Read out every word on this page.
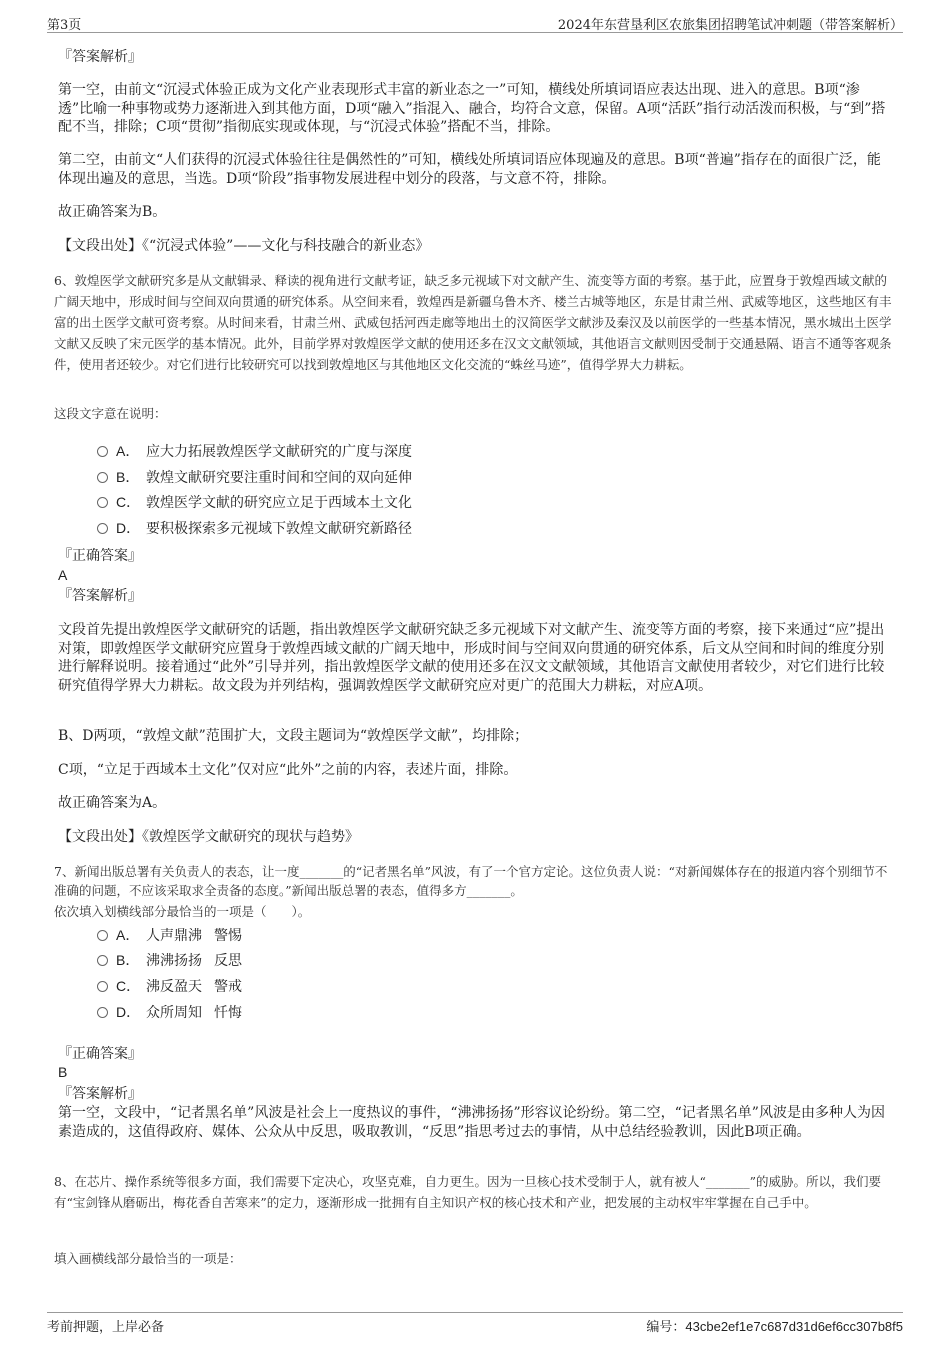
第3页	2024年东营垦利区农旅集团招聘笔试冲刺题（带答案解析）
『答案解析』
第一空，由前文“沉浸式体验正成为文化产业表现形式丰富的新业态之一”可知，横线处所填词语应表达出现、进入的意思。B项“渗透”比喻一种事物或势力逐渐进入到其他方面，D项“融入”指混入、融合，均符合文意，保留。A项“活跃”指行动活泼而积极，与“到”搭配不当，排除；C项“贯彻”指彻底实现或体现，与“沉浸式体验”搭配不当，排除。
第二空，由前文“人们获得的沉浸式体验往往是偶然性的”可知，横线处所填词语应体现遍及的意思。B项“普遍”指存在的面很广泛，能体现出遍及的意思，当选。D项“阶段”指事物发展进程中划分的段落，与文意不符，排除。
故正确答案为B。
【文段出处】《“沉浸式体验”——文化与科技融合的新业态》
6、敦煌医学文献研究多是从文献辑录、释读的视角进行文献考证，缺乏多元视域下对文献产生、流变等方面的考察。基于此，应置身于敦煌西域文献的广阔天地中，形成时间与空间双向贯通的研究体系。从空间来看，敦煌西是新疆乌鲁木齐、楼兰古城等地区，东是甘肃兰州、武威等地区，这些地区有丰富的出土医学文献可资考察。从时间来看，甘肃兰州、武威包括河西走廊等地出土的汉简医学文献涉及秦汉及以前医学的一些基本情况，黑水城出土医学文献又反映了宋元医学的基本情况。此外，目前学界对敦煌医学文献的使用还多在汉文文献领域，其他语言文献则因受制于交通悬隔、语言不通等客观条件，使用者还较少。对它们进行比较研究可以找到敦煌地区与其他地区文化交流的“蛛丝马迹”，值得学界大力耕耘。
这段文字意在说明：
A． 应大力拓展敦煌医学文献研究的广度与深度
B． 敦煌文献研究要注重时间和空间的双向延伸
C． 敦煌医学文献的研究应立足于西域本土文化
D． 要积极探索多元视域下敦煌文献研究新路径
『正确答案』
A
『答案解析』
文段首先提出敦煌医学文献研究的话题，指出敦煌医学文献研究缺乏多元视域下对文献产生、流变等方面的考察，接下来通过“应”提出对策，即敦煌医学文献研究应置身于敦煌西域文献的广阔天地中，形成时间与空间双向贯通的研究体系，后文从空间和时间的维度分别进行解释说明。接着通过“此外”引导并列，指出敦煌医学文献的使用还多在汉文文献领域，其他语言文献使用者较少，对它们进行比较研究值得学界大力耕耘。故文段为并列结构，强调敦煌医学文献研究应对更广的范围大力耕耘，对应A项。
B、D两项，“敦煌文献”范围扩大，文段主题词为“敦煌医学文献”，均排除；
C项，“立足于西域本土文化”仅对应“此外”之前的内容，表述片面，排除。
故正确答案为A。
【文段出处】《敦煌医学文献研究的现状与趋势》
7、新闻出版总署有关负责人的表态，让一度_______的“记者黑名单”风波，有了一个官方定论。这位负责人说：“对新闻媒体存在的报道内容个别细节不准确的问题，不应该采取求全责备的态度。”新闻出版总署的表态，值得多方_______。
依次填入划横线部分最恰当的一项是（　　）。
A． 人声鼎沸 警惕
B． 沸沸扬扬 反思
C． 沸反盈天 警戒
D． 众所周知 忏悔
『正确答案』
B
『答案解析』
第一空，文段中，“记者黑名单”风波是社会上一度热议的事件，“沸沸扬扬”形容议论纷纷。第二空，“记者黑名单”风波是由多种人为因素造成的，这值得政府、媒体、公众从中反思，吸取教训，“反思”指思考过去的事情，从中总结经验教训，因此B项正确。
8、在芯片、操作系统等很多方面，我们需要下定决心，攻坚克难，自力更生。因为一旦核心技术受制于人，就有被人“_______”的威胁。所以，我们要有“宝剑锋从磨砺出，梅花香自苦寒来”的定力，逐渐形成一批拥有自主知识产权的核心技术和产业，把发展的主动权牢牢掌握在自己手中。
填入画横线部分最恰当的一项是：
考前押题，上岸必备	编号：43cbe2ef1e7c687d31d6ef6cc307b8f5
